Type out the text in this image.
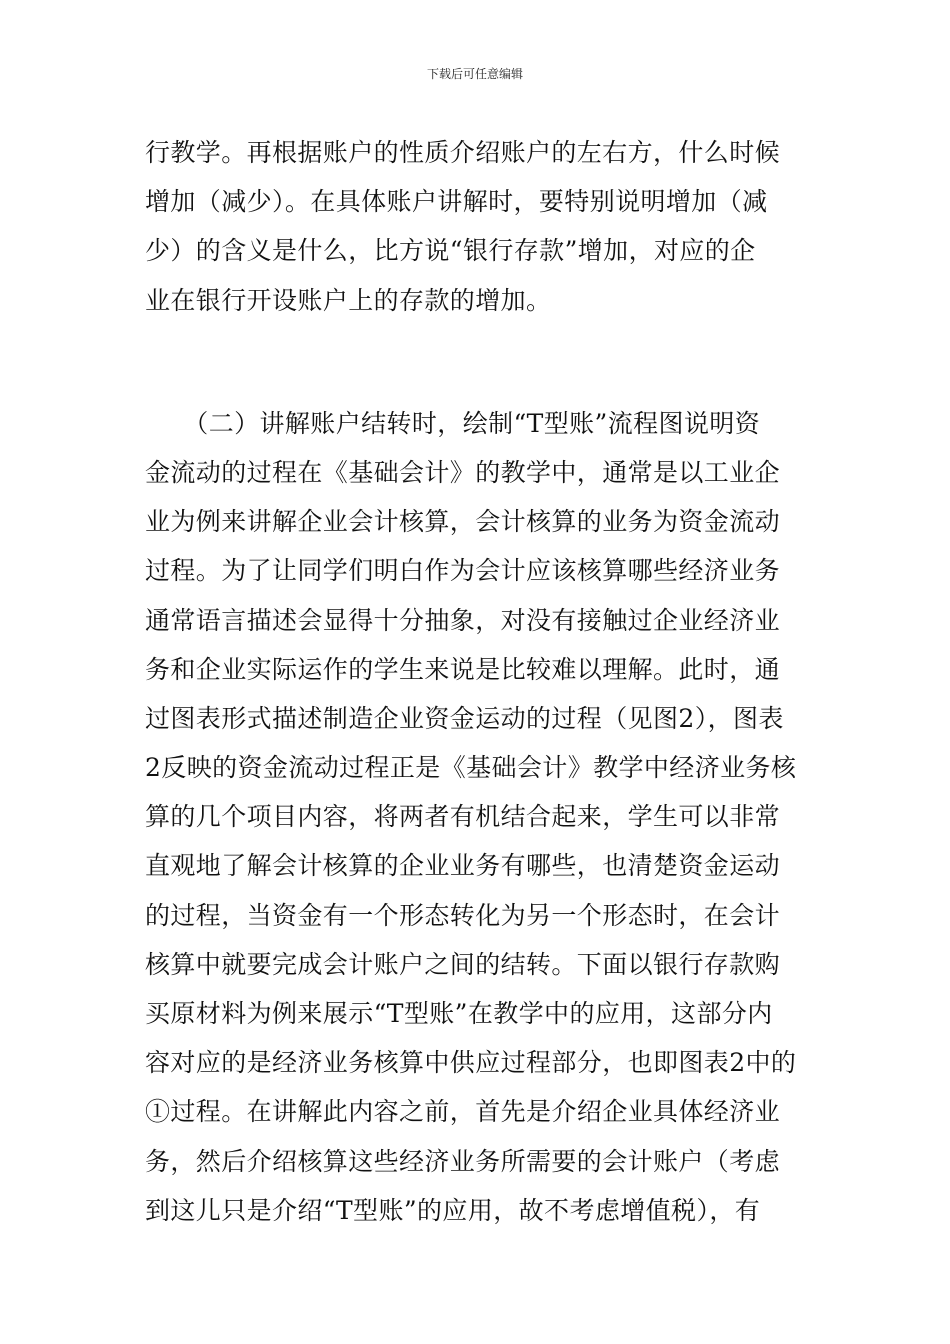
下载后可任意编辑
行教学。再根据账户的性质介绍账户的左右方，什么时候
增加（减少）。在具体账户讲解时，要特别说明增加（减
少）的含义是什么，比方说“银行存款”增加，对应的企
业在银行开设账户上的存款的增加。
　　（二）讲解账户结转时，绘制“T型账”流程图说明资
金流动的过程在《基础会计》的教学中，通常是以工业企
业为例来讲解企业会计核算，会计核算的业务为资金流动
过程。为了让同学们明白作为会计应该核算哪些经济业务
通常语言描述会显得十分抽象，对没有接触过企业经济业
务和企业实际运作的学生来说是比较难以理解。此时，通
过图表形式描述制造企业资金运动的过程（见图2），图表
2反映的资金流动过程正是《基础会计》教学中经济业务核
算的几个项目内容，将两者有机结合起来，学生可以非常
直观地了解会计核算的企业业务有哪些，也清楚资金运动
的过程，当资金有一个形态转化为另一个形态时，在会计
核算中就要完成会计账户之间的结转。下面以银行存款购
买原材料为例来展示“T型账”在教学中的应用，这部分内
容对应的是经济业务核算中供应过程部分，也即图表2中的
①过程。在讲解此内容之前，首先是介绍企业具体经济业
务，然后介绍核算这些经济业务所需要的会计账户（考虑
到这儿只是介绍“T型账”的应用，故不考虑增值税），有
